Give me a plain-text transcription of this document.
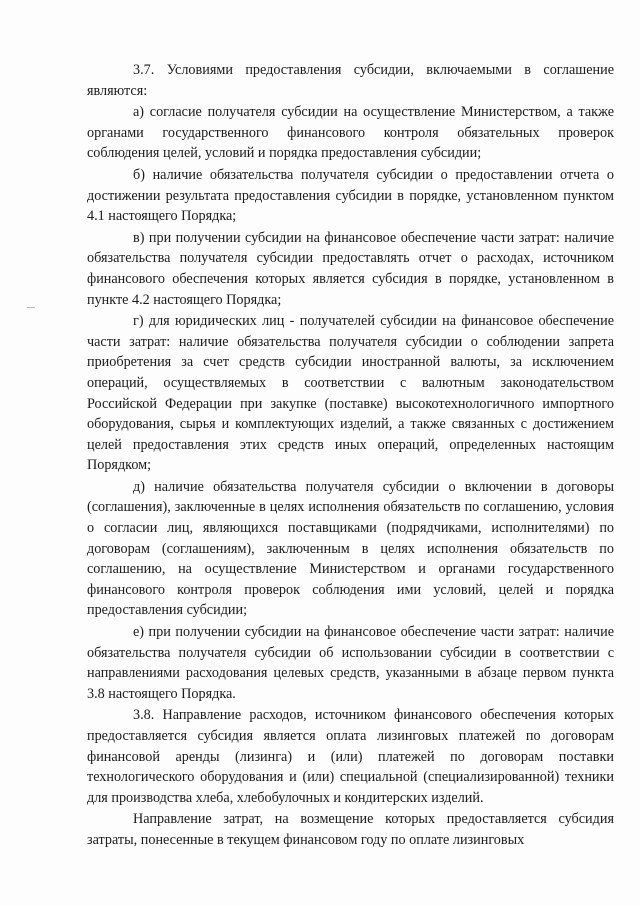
3.7. Условиями предоставления субсидии, включаемыми в соглашение являются:

а) согласие получателя субсидии на осуществление Министерством, а также органами государственного финансового контроля обязательных проверок соблюдения целей, условий и порядка предоставления субсидии;

б) наличие обязательства получателя субсидии о предоставлении отчета о достижении результата предоставления субсидии в порядке, установленном пунктом 4.1 настоящего Порядка;

в) при получении субсидии на финансовое обеспечение части затрат: наличие обязательства получателя субсидии предоставлять отчет о расходах, источником финансового обеспечения которых является субсидия в порядке, установленном в пункте 4.2 настоящего Порядка;

г) для юридических лиц - получателей субсидии на финансовое обеспечение части затрат: наличие обязательства получателя субсидии о соблюдении запрета приобретения за счет средств субсидии иностранной валюты, за исключением операций, осуществляемых в соответствии с валютным законодательством Российской Федерации при закупке (поставке) высокотехнологичного импортного оборудования, сырья и комплектующих изделий, а также связанных с достижением целей предоставления этих средств иных операций, определенных настоящим Порядком;

д) наличие обязательства получателя субсидии о включении в договоры (соглашения), заключенные в целях исполнения обязательств по соглашению, условия о согласии лиц, являющихся поставщиками (подрядчиками, исполнителями) по договорам (соглашениям), заключенным в целях исполнения обязательств по соглашению, на осуществление Министерством и органами государственного финансового контроля проверок соблюдения ими условий, целей и порядка предоставления субсидии;

е) при получении субсидии на финансовое обеспечение части затрат: наличие обязательства получателя субсидии об использовании субсидии в соответствии с направлениями расходования целевых средств, указанными в абзаце первом пункта 3.8 настоящего Порядка.

3.8. Направление расходов, источником финансового обеспечения которых предоставляется субсидия является оплата лизинговых платежей по договорам финансовой аренды (лизинга) и (или) платежей по договорам поставки технологического оборудования и (или) специальной (специализированной) техники для производства хлеба, хлебобулочных и кондитерских изделий.

Направление затрат, на возмещение которых предоставляется субсидия затраты, понесенные в текущем финансовом году по оплате лизинговых
